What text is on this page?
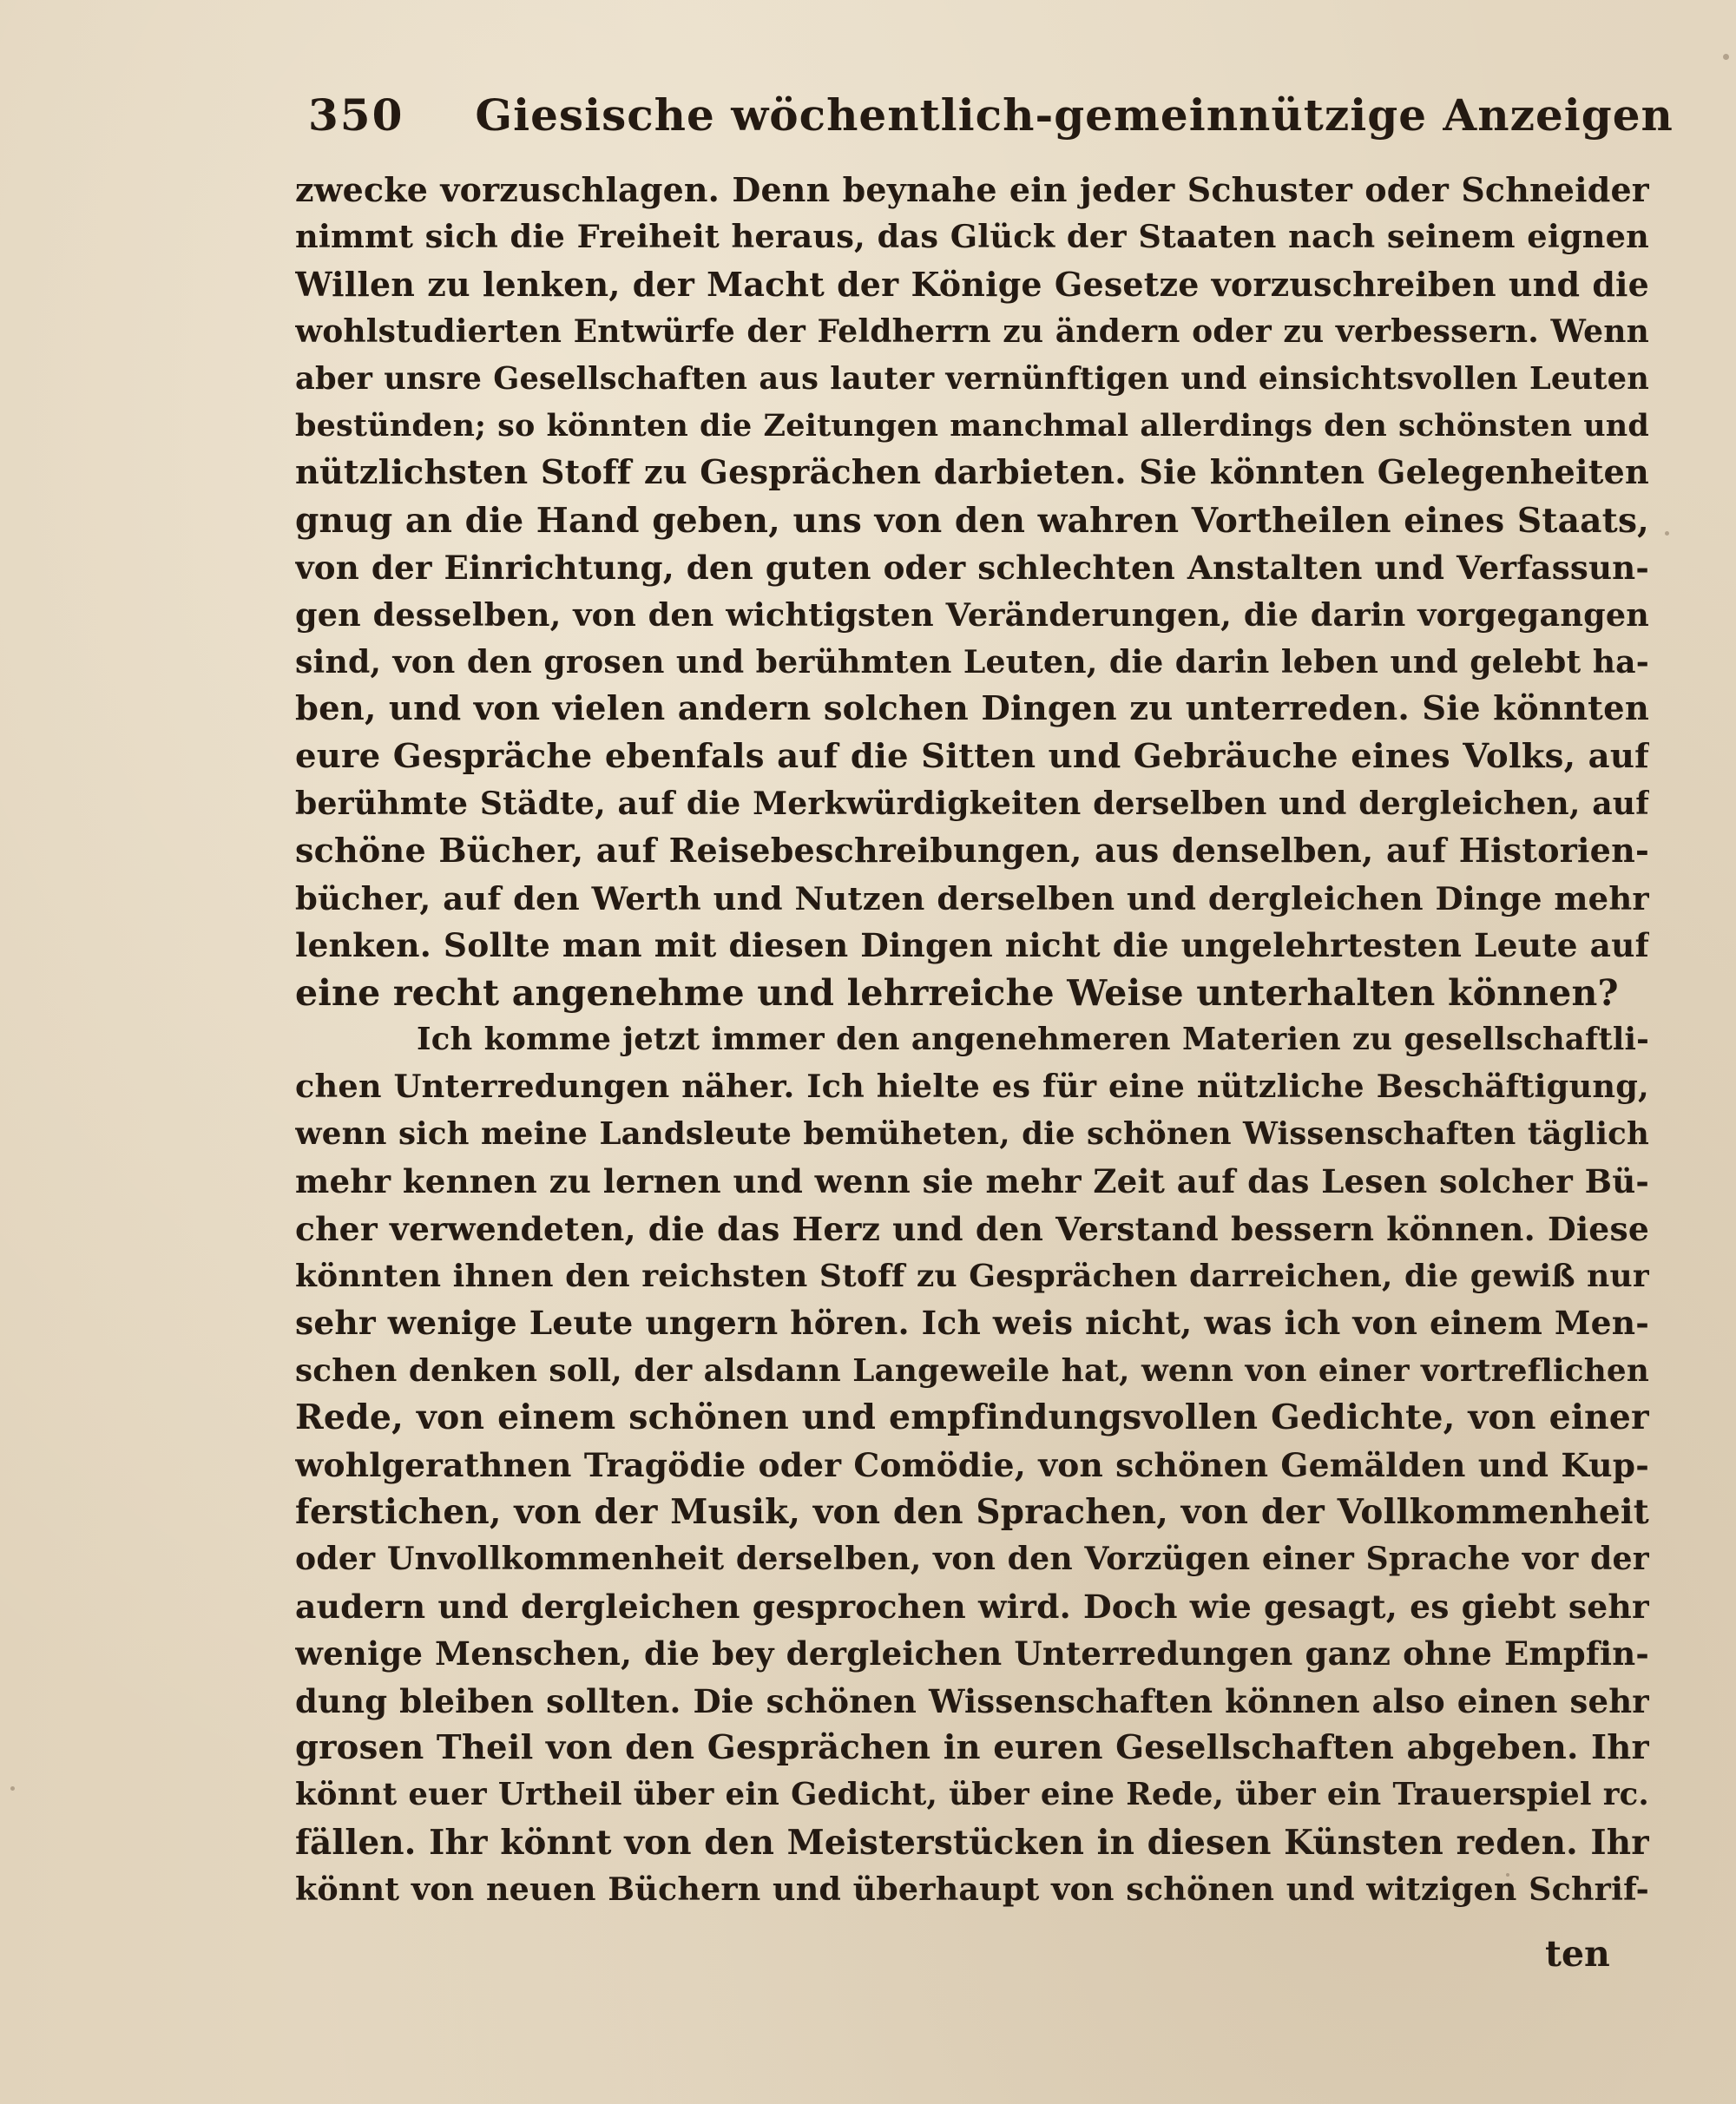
350 Giesische wöchentlich-gemeinnützige Anzeigen
zwecke vorzuschlagen. Denn beynahe ein jeder Schuster oder Schneider
nimmt sich die Freiheit heraus, das Glück der Staaten nach seinem eignen
Willen zu lenken, der Macht der Könige Gesetze vorzuschreiben und die
wohlstudierten Entwürfe der Feldherrn zu ändern oder zu verbessern. Wenn
aber unsre Gesellschaften aus lauter vernünftigen und einsichtsvollen Leuten
bestünden; so könnten die Zeitungen manchmal allerdings den schönsten und
nützlichsten Stoff zu Gesprächen darbieten. Sie könnten Gelegenheiten
gnug an die Hand geben, uns von den wahren Vortheilen eines Staats,
von der Einrichtung, den guten oder schlechten Anstalten und Verfassun-
gen desselben, von den wichtigsten Veränderungen, die darin vorgegangen
sind, von den grosen und berühmten Leuten, die darin leben und gelebt ha-
ben, und von vielen andern solchen Dingen zu unterreden. Sie könnten
eure Gespräche ebenfals auf die Sitten und Gebräuche eines Volks, auf
berühmte Städte, auf die Merkwürdigkeiten derselben und dergleichen, auf
schöne Bücher, auf Reisebeschreibungen, aus denselben, auf Historien-
bücher, auf den Werth und Nutzen derselben und dergleichen Dinge mehr
lenken. Sollte man mit diesen Dingen nicht die ungelehrtesten Leute auf
eine recht angenehme und lehrreiche Weise unterhalten können?
Ich komme jetzt immer den angenehmeren Materien zu gesellschaftli-
chen Unterredungen näher. Ich hielte es für eine nützliche Beschäftigung,
wenn sich meine Landsleute bemüheten, die schönen Wissenschaften täglich
mehr kennen zu lernen und wenn sie mehr Zeit auf das Lesen solcher Bü-
cher verwendeten, die das Herz und den Verstand bessern können. Diese
könnten ihnen den reichsten Stoff zu Gesprächen darreichen, die gewiß nur
sehr wenige Leute ungern hören. Ich weis nicht, was ich von einem Men-
schen denken soll, der alsdann Langeweile hat, wenn von einer vortreflichen
Rede, von einem schönen und empfindungsvollen Gedichte, von einer
wohlgerathnen Tragödie oder Comödie, von schönen Gemälden und Kup-
ferstichen, von der Musik, von den Sprachen, von der Vollkommenheit
oder Unvollkommenheit derselben, von den Vorzügen einer Sprache vor der
audern und dergleichen gesprochen wird. Doch wie gesagt, es giebt sehr
wenige Menschen, die bey dergleichen Unterredungen ganz ohne Empfin-
dung bleiben sollten. Die schönen Wissenschaften können also einen sehr
grosen Theil von den Gesprächen in euren Gesellschaften abgeben. Ihr
könnt euer Urtheil über ein Gedicht, über eine Rede, über ein Trauerspiel rc.
fällen. Ihr könnt von den Meisterstücken in diesen Künsten reden. Ihr
könnt von neuen Büchern und überhaupt von schönen und witzigen Schrif-
ten
